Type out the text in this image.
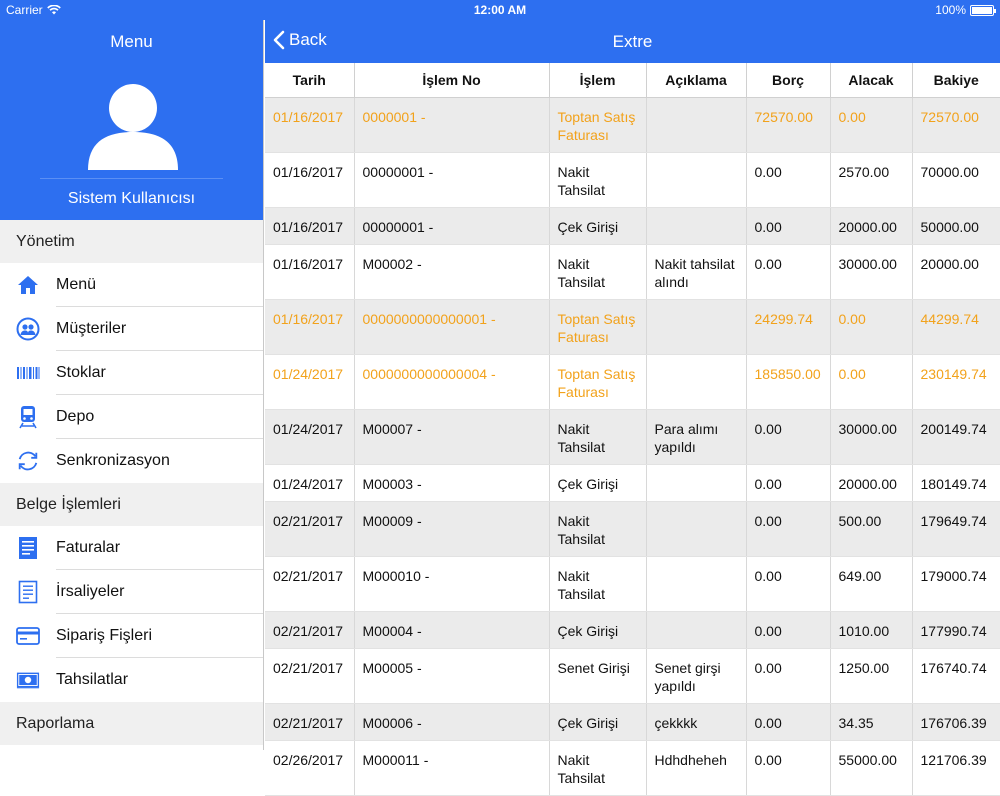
Carrier	12:00 AM	100%
Menu
Sistem Kullanıcısı
Yönetim
Menü
Müşteriler
Stoklar
Depo
Senkronizasyon
Belge İşlemleri
Faturalar
İrsaliyeler
Sipariş Fişleri
Tahsilatlar
Raporlama
Back	Extre
Tarih	İşlem No	İşlem	Açıklama	Borç	Alacak	Bakiye
01/16/2017	0000001 -	Toptan Satış Faturası		72570.00	0.00	72570.00
01/16/2017	00000001 -	Nakit Tahsilat		0.00	2570.00	70000.00
01/16/2017	00000001 -	Çek Girişi		0.00	20000.00	50000.00
01/16/2017	M00002 -	Nakit Tahsilat	Nakit tahsilat alındı	0.00	30000.00	20000.00
01/16/2017	0000000000000001 -	Toptan Satış Faturası		24299.74	0.00	44299.74
01/24/2017	0000000000000004 -	Toptan Satış Faturası		185850.00	0.00	230149.74
01/24/2017	M00007 -	Nakit Tahsilat	Para alımı yapıldı	0.00	30000.00	200149.74
01/24/2017	M00003 -	Çek Girişi		0.00	20000.00	180149.74
02/21/2017	M00009 -	Nakit Tahsilat		0.00	500.00	179649.74
02/21/2017	M000010 -	Nakit Tahsilat		0.00	649.00	179000.74
02/21/2017	M00004 -	Çek Girişi		0.00	1010.00	177990.74
02/21/2017	M00005 -	Senet Girişi	Senet girşi yapıldı	0.00	1250.00	176740.74
02/21/2017	M00006 -	Çek Girişi	çekkkk	0.00	34.35	176706.39
02/26/2017	M000011 -	Nakit Tahsilat	Hdhdheheh	0.00	55000.00	121706.39
